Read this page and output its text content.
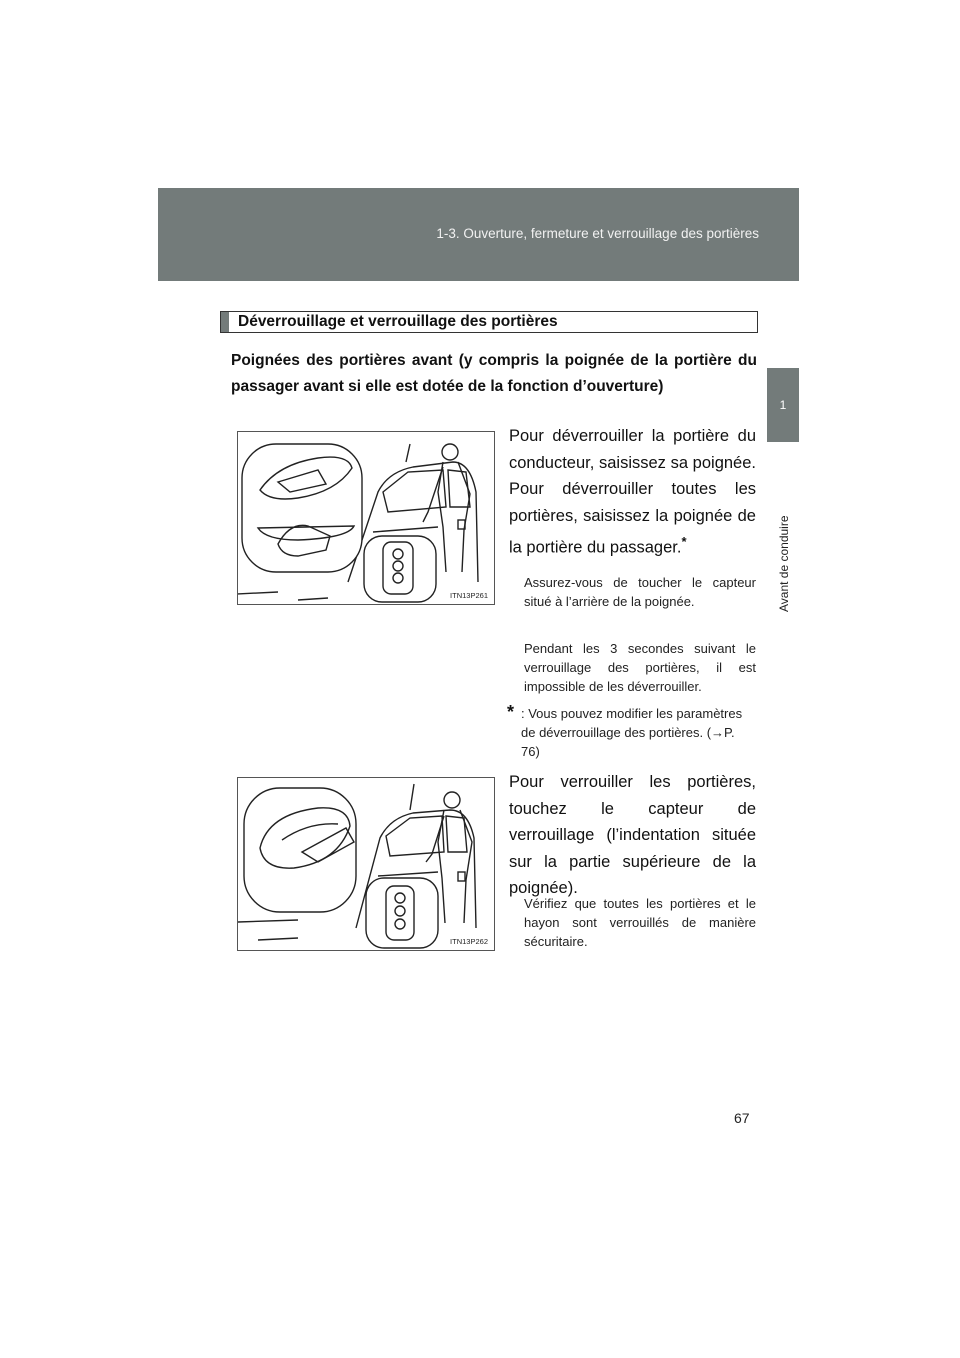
1-3. Ouverture, fermeture et verrouillage des portières
1
Avant de conduire
Déverrouillage et verrouillage des portières
Poignées des portières avant (y compris la poignée de la portière du passager avant si elle est dotée de la fonction d’ouverture)
ITN13P261
Pour déverrouiller la portière du conducteur, saisissez sa poignée. Pour déverrouiller toutes les portières, saisissez la poignée de la portière du passager.*
Assurez-vous de toucher le capteur situé à l’arrière de la poignée.
Pendant les 3 secondes suivant le verrouillage des portières, il est impossible de les déverrouiller.
* : Vous pouvez modifier les paramètres de déverrouillage des portières. (→P. 76)
ITN13P262
Pour verrouiller les portières, touchez le capteur de verrouillage (l’indentation située sur la partie supérieure de la poignée).
Vérifiez que toutes les portières et le hayon sont verrouillés de manière sécuritaire.
67
